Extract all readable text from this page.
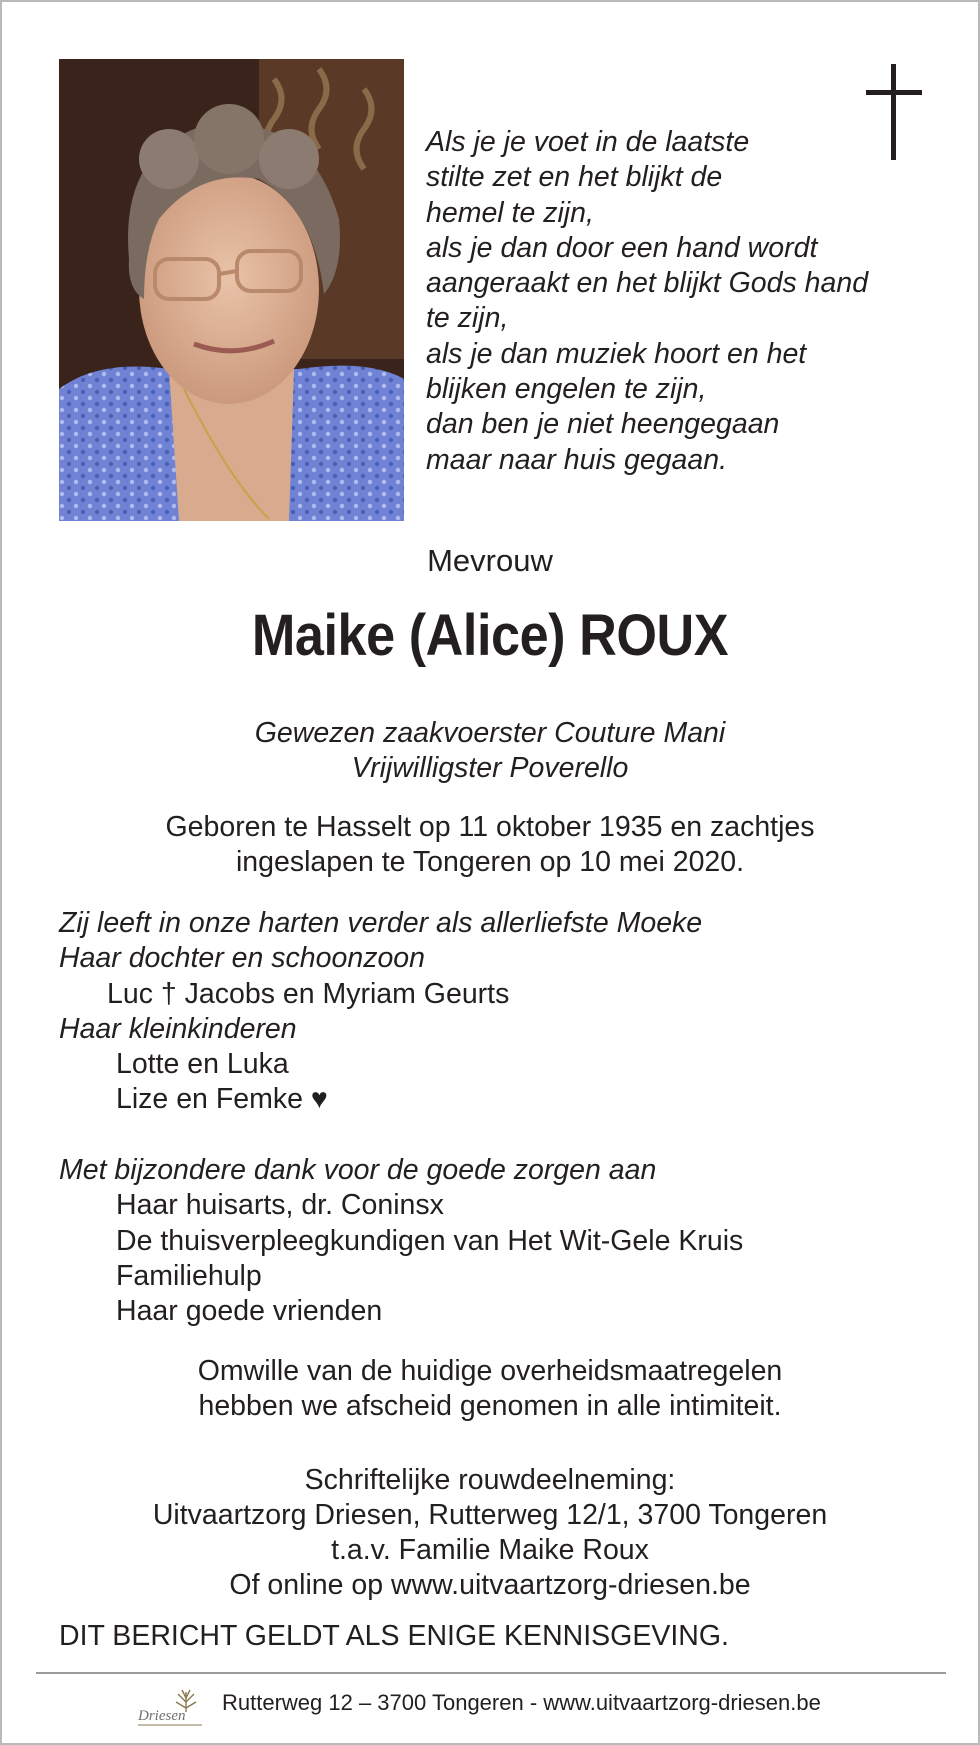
Als je je voet in de laatste
stilte zet en het blijkt de
hemel te zijn,
als je dan door een hand wordt
aangeraakt en het blijkt Gods hand
te zijn,
als je dan muziek hoort en het
blijken engelen te zijn,
dan ben je niet heengegaan
maar naar huis gegaan.
Mevrouw
Maike (Alice) ROUX
Gewezen zaakvoerster Couture Mani
Vrijwilligster Poverello
Geboren te Hasselt op 11 oktober 1935 en zachtjes
ingeslapen te Tongeren op 10 mei 2020.
Zij leeft in onze harten verder als allerliefste Moeke
Haar dochter en schoonzoon
Luc † Jacobs en Myriam Geurts
Haar kleinkinderen
Lotte en Luka
Lize en Femke ♥
Met bijzondere dank voor de goede zorgen aan
Haar huisarts, dr. Coninsx
De thuisverpleegkundigen van Het Wit-Gele Kruis
Familiehulp
Haar goede vrienden
Omwille van de huidige overheidsmaatregelen
hebben we afscheid genomen in alle intimiteit.
Schriftelijke rouwdeelneming:
Uitvaartzorg Driesen, Rutterweg 12/1, 3700 Tongeren
t.a.v. Familie Maike Roux
Of online op www.uitvaartzorg-driesen.be
DIT BERICHT GELDT ALS ENIGE KENNISGEVING.
Driesen
Rutterweg 12 – 3700 Tongeren - www.uitvaartzorg-driesen.be
